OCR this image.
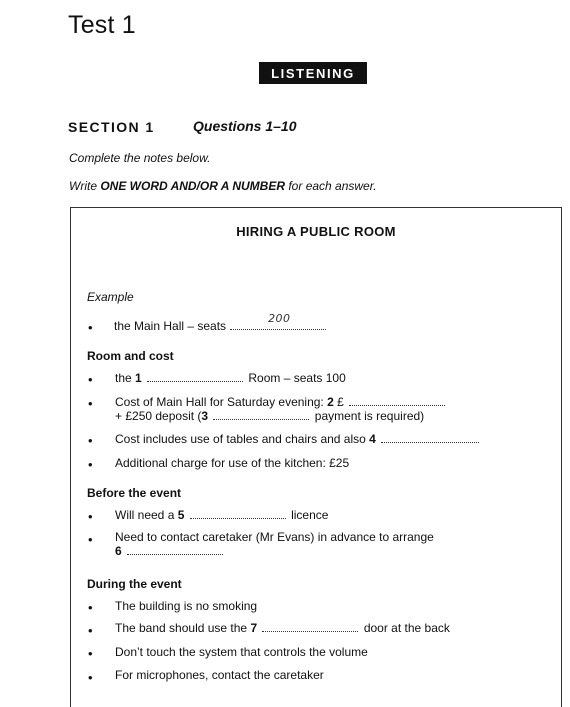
Test 1
LISTENING
SECTION 1	Questions 1–10
Complete the notes below.
Write ONE WORD AND/OR A NUMBER for each answer.
HIRING A PUBLIC ROOM
Example
• the Main Hall – seats
200
Room and cost
• the 1	Room – seats 100
• Cost of Main Hall for Saturday evening: 2 £
+ £250 deposit (3	payment is required)
• Cost includes use of tables and chairs and also 4
• Additional charge for use of the kitchen: £25
Before the event
• Will need a 5	licence
• Need to contact caretaker (Mr Evans) in advance to arrange
6
During the event
• The building is no smoking
• The band should use the 7	door at the back
• Don’t touch the system that controls the volume
• For microphones, contact the caretaker
